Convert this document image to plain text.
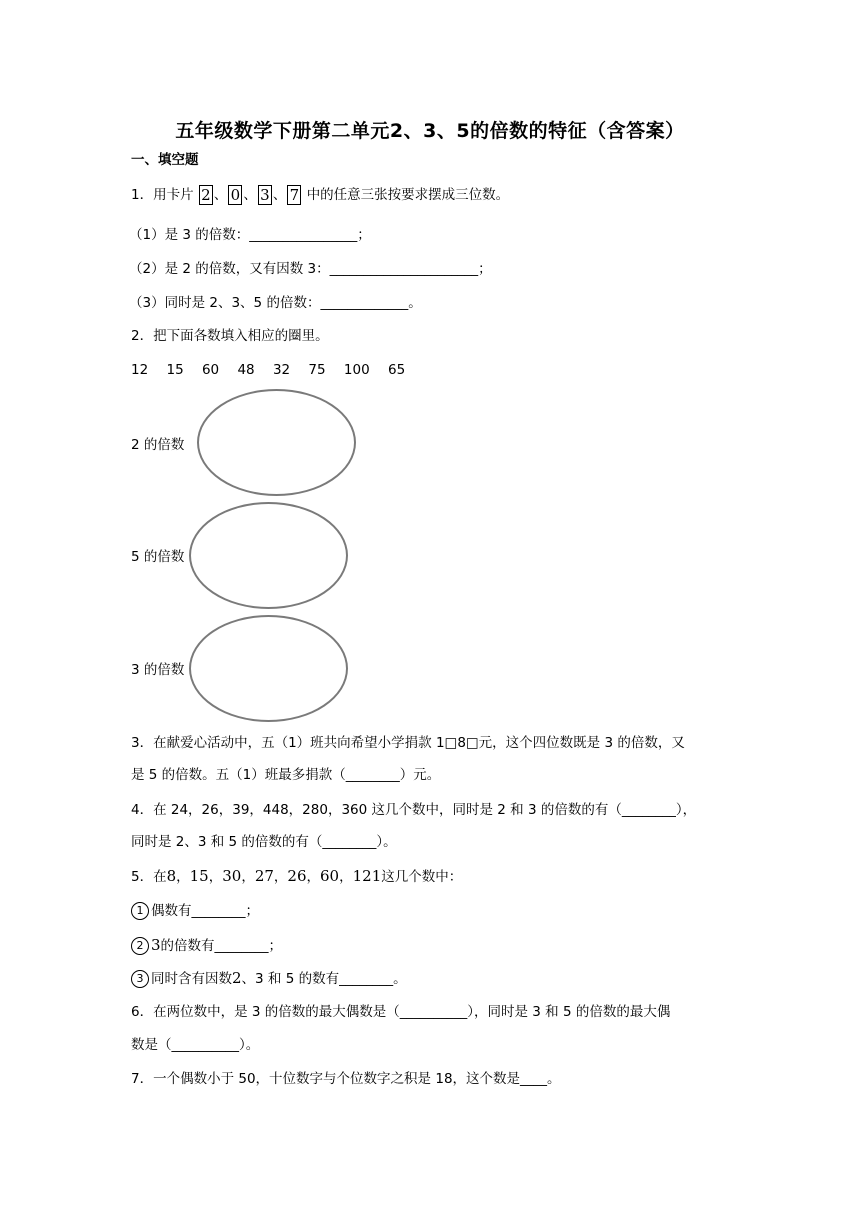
五年级数学下册第二单元2、3、5的倍数的特征（含答案）
一、填空题
1．用卡片 2 、 0 、 3 、 7 中的任意三张按要求摆成三位数。
（1）是 3 的倍数：________________；
（2）是 2 的倍数，又有因数 3：______________________；
（3）同时是 2、3、5 的倍数：_____________。
2．把下面各数填入相应的圈里。
12 15 60 48 32 75 100 65
2 的倍数
5 的倍数
3 的倍数
3．在献爱心活动中，五（1）班共向希望小学捐款 1□8□元，这个四位数既是 3 的倍数，又
是 5 的倍数。五（1）班最多捐款（________）元。
4．在 24，26，39，448，280，360 这几个数中，同时是 2 和 3 的倍数的有（________），
同时是 2、3 和 5 的倍数的有（________）。
5．在8，15，30，27，26，60，121这几个数中：
1 偶数有________；
2 3的倍数有________；
3 同时含有因数2、3 和 5 的数有________。
6．在两位数中，是 3 的倍数的最大偶数是（__________），同时是 3 和 5 的倍数的最大偶
数是（__________）。
7．一个偶数小于 50，十位数字与个位数字之积是 18，这个数是____。
